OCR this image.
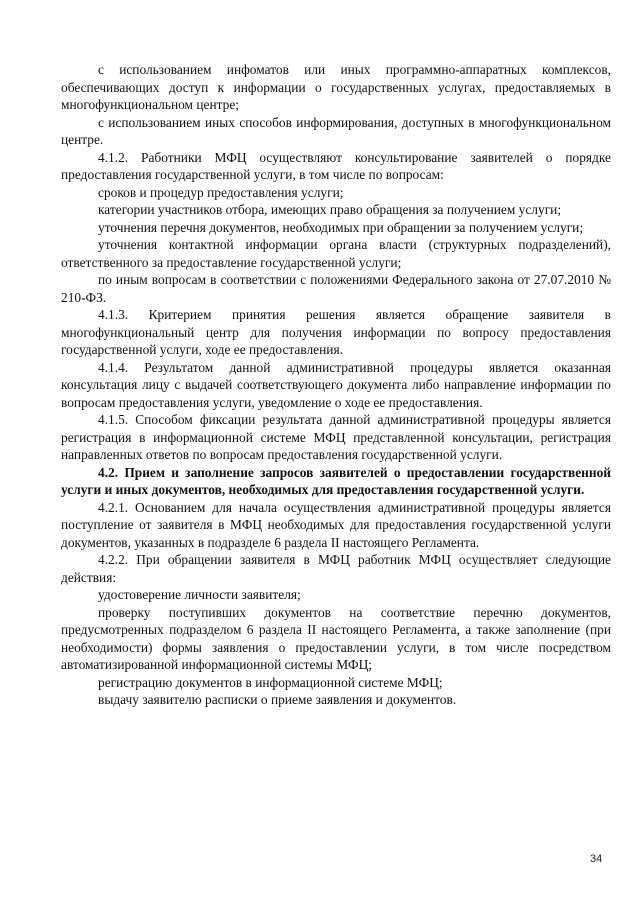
с использованием инфоматов или иных программно-аппаратных комплексов, обеспечивающих доступ к информации о государственных услугах, предоставляемых в многофункциональном центре;

с использованием иных способов информирования, доступных в многофункциональном центре.

4.1.2. Работники МФЦ осуществляют консультирование заявителей о порядке предоставления государственной услуги, в том числе по вопросам:

сроков и процедур предоставления услуги;

категории участников отбора, имеющих право обращения за получением услуги;

уточнения перечня документов, необходимых при обращении за получением услуги;

уточнения контактной информации органа власти (структурных подразделений), ответственного за предоставление государственной услуги;

по иным вопросам в соответствии с положениями Федерального закона от 27.07.2010 № 210-ФЗ.

4.1.3. Критерием принятия решения является обращение заявителя в многофункциональный центр для получения информации по вопросу предоставления государственной услуги, ходе ее предоставления.

4.1.4. Результатом данной административной процедуры является оказанная консультация лицу с выдачей соответствующего документа либо направление информации по вопросам предоставления услуги, уведомление о ходе ее предоставления.

4.1.5. Способом фиксации результата данной административной процедуры является регистрация в информационной системе МФЦ представленной консультации, регистрация направленных ответов по вопросам предоставления государственной услуги.

4.2. Прием и заполнение запросов заявителей о предоставлении государственной услуги и иных документов, необходимых для предоставления государственной услуги.

4.2.1. Основанием для начала осуществления административной процедуры является поступление от заявителя в МФЦ необходимых для предоставления государственной услуги документов, указанных в подразделе 6 раздела II настоящего Регламента.

4.2.2. При обращении заявителя в МФЦ работник МФЦ осуществляет следующие действия:

удостоверение личности заявителя;

проверку поступивших документов на соответствие перечню документов, предусмотренных подразделом 6 раздела II настоящего Регламента, а также заполнение (при необходимости) формы заявления о предоставлении услуги, в том числе посредством автоматизированной информационной системы МФЦ;

регистрацию документов в информационной системе МФЦ;

выдачу заявителю расписки о приеме заявления и документов.

34
